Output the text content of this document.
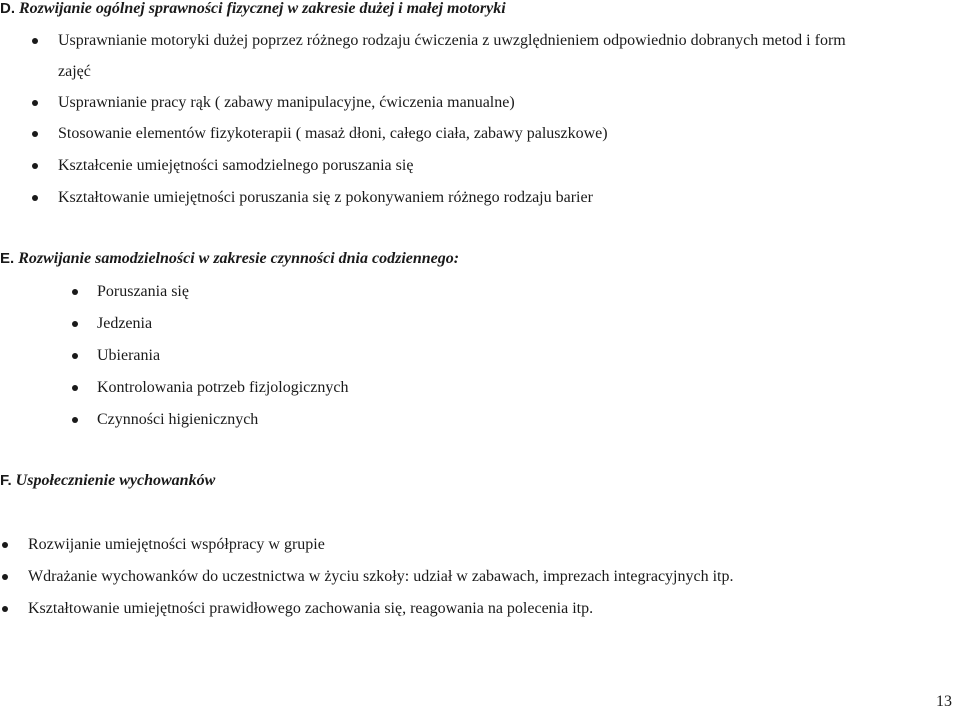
D. Rozwijanie ogólnej sprawności fizycznej w zakresie dużej i małej motoryki
Usprawnianie motoryki dużej poprzez różnego rodzaju ćwiczenia z uwzględnieniem odpowiednio dobranych metod i form
zajęć
Usprawnianie pracy rąk ( zabawy manipulacyjne, ćwiczenia manualne)
Stosowanie elementów fizykoterapii ( masaż dłoni, całego ciała, zabawy paluszkowe)
Kształcenie umiejętności samodzielnego poruszania się
Kształtowanie umiejętności poruszania się z pokonywaniem różnego rodzaju barier
E. Rozwijanie samodzielności w zakresie czynności dnia codziennego:
Poruszania się
Jedzenia
Ubierania
Kontrolowania potrzeb fizjologicznych
Czynności higienicznych
F. Uspołecznienie wychowanków
Rozwijanie umiejętności współpracy w grupie
Wdrażanie wychowanków do uczestnictwa w życiu szkoły: udział w zabawach, imprezach integracyjnych itp.
Kształtowanie umiejętności prawidłowego zachowania się, reagowania na polecenia itp.
13
